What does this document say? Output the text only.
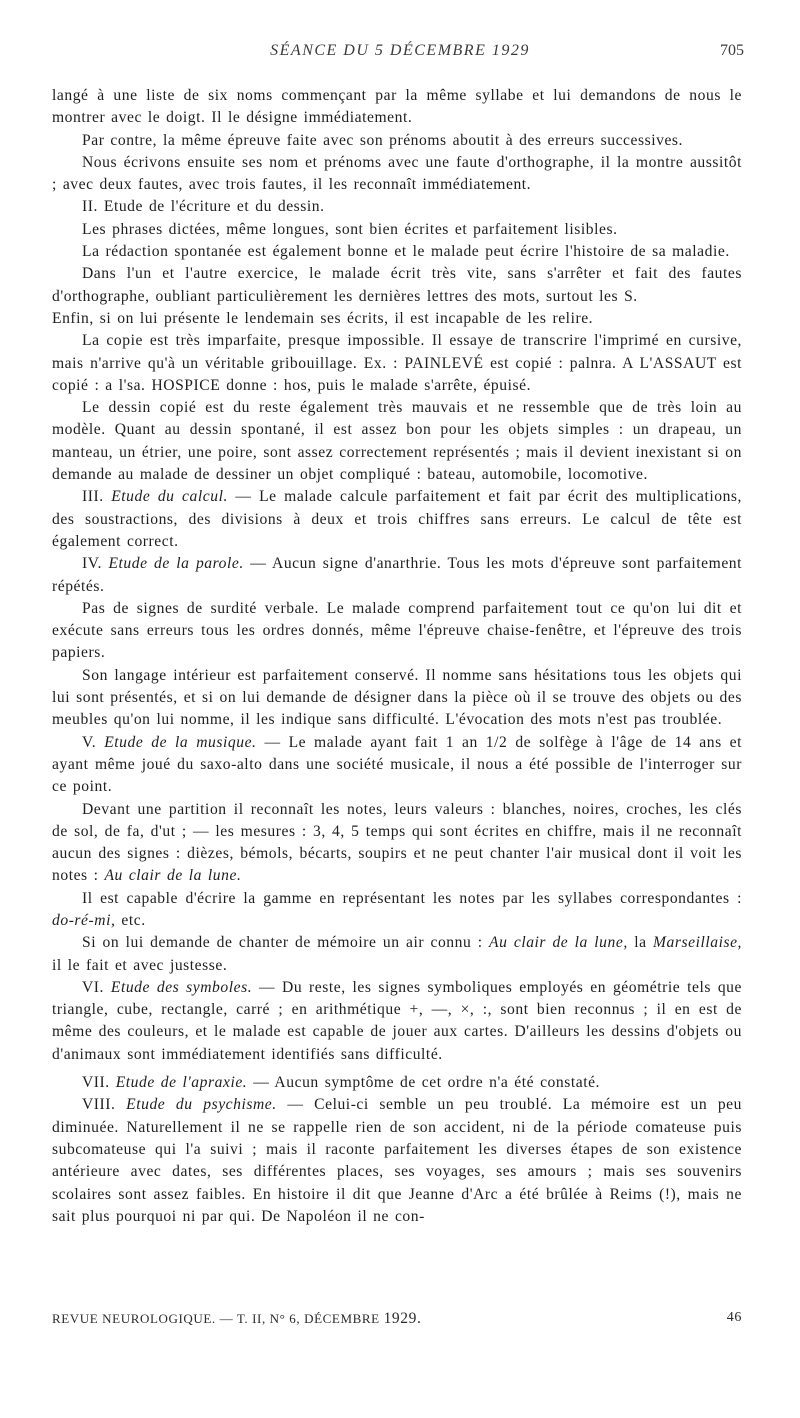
SÉANCE DU 5 DÉCEMBRE 1929	705

langé à une liste de six noms commençant par la même syllabe et lui demandons de nous le montrer avec le doigt. Il le désigne immédiatement.

Par contre, la même épreuve faite avec son prénoms aboutit à des erreurs successives.

Nous écrivons ensuite ses nom et prénoms avec une faute d'orthographe, il la montre aussitôt ; avec deux fautes, avec trois fautes, il les reconnaît immédiatement.

II. Etude de l'écriture et du dessin.

Les phrases dictées, même longues, sont bien écrites et parfaitement lisibles.

La rédaction spontanée est également bonne et le malade peut écrire l'histoire de sa maladie.

Dans l'un et l'autre exercice, le malade écrit très vite, sans s'arrêter et fait des fautes d'orthographe, oubliant particulièrement les dernières lettres des mots, surtout les S.

Enfin, si on lui présente le lendemain ses écrits, il est incapable de les relire.

La copie est très imparfaite, presque impossible. Il essaye de transcrire l'imprimé en cursive, mais n'arrive qu'à un véritable gribouillage. Ex. : PAINLEVÉ est copié : palnra. A L'ASSAUT est copié : a l'sa. HOSPICE donne : hos, puis le malade s'arrête, épuisé.

Le dessin copié est du reste également très mauvais et ne ressemble que de très loin au modèle. Quant au dessin spontané, il est assez bon pour les objets simples : un drapeau, un manteau, un étrier, une poire, sont assez correctement représentés ; mais il devient inexistant si on demande au malade de dessiner un objet compliqué : bateau, automobile, locomotive.

III. Etude du calcul. — Le malade calcule parfaitement et fait par écrit des multiplications, des soustractions, des divisions à deux et trois chiffres sans erreurs. Le calcul de tête est également correct.

IV. Etude de la parole. — Aucun signe d'anarthrie. Tous les mots d'épreuve sont parfaitement répétés.

Pas de signes de surdité verbale. Le malade comprend parfaitement tout ce qu'on lui dit et exécute sans erreurs tous les ordres donnés, même l'épreuve chaise-fenêtre, et l'épreuve des trois papiers.

Son langage intérieur est parfaitement conservé. Il nomme sans hésitations tous les objets qui lui sont présentés, et si on lui demande de désigner dans la pièce où il se trouve des objets ou des meubles qu'on lui nomme, il les indique sans difficulté. L'évocation des mots n'est pas troublée.

V. Etude de la musique. — Le malade ayant fait 1 an 1/2 de solfège à l'âge de 14 ans et ayant même joué du saxo-alto dans une société musicale, il nous a été possible de l'interroger sur ce point.

Devant une partition il reconnaît les notes, leurs valeurs : blanches, noires, croches, les clés de sol, de fa, d'ut ; — les mesures : 3, 4, 5 temps qui sont écrites en chiffre, mais il ne reconnaît aucun des signes : dièzes, bémols, bécarts, soupirs et ne peut chanter l'air musical dont il voit les notes : Au clair de la lune.

Il est capable d'écrire la gamme en représentant les notes par les syllabes correspondantes : do-ré-mi, etc.

Si on lui demande de chanter de mémoire un air connu : Au clair de la lune, la Marseillaise, il le fait et avec justesse.

VI. Etude des symboles. — Du reste, les signes symboliques employés en géométrie tels que triangle, cube, rectangle, carré ; en arithmétique +, —, ×, :, sont bien reconnus ; il en est de même des couleurs, et le malade est capable de jouer aux cartes. D'ailleurs les dessins d'objets ou d'animaux sont immédiatement identifiés sans difficulté.

VII. Etude de l'apraxie. — Aucun symptôme de cet ordre n'a été constaté.

VIII. Etude du psychisme. — Celui-ci semble un peu troublé. La mémoire est un peu diminuée. Naturellement il ne se rappelle rien de son accident, ni de la période comateuse puis subcomateuse qui l'a suivi ; mais il raconte parfaitement les diverses étapes de son existence antérieure avec dates, ses différentes places, ses voyages, ses amours ; mais ses souvenirs scolaires sont assez faibles. En histoire il dit que Jeanne d'Arc a été brûlée à Reims (!), mais ne sait plus pourquoi ni par qui. De Napoléon il ne con-

REVUE NEUROLOGIQUE. — T. II, N° 6, DÉCEMBRE 1929.	46
